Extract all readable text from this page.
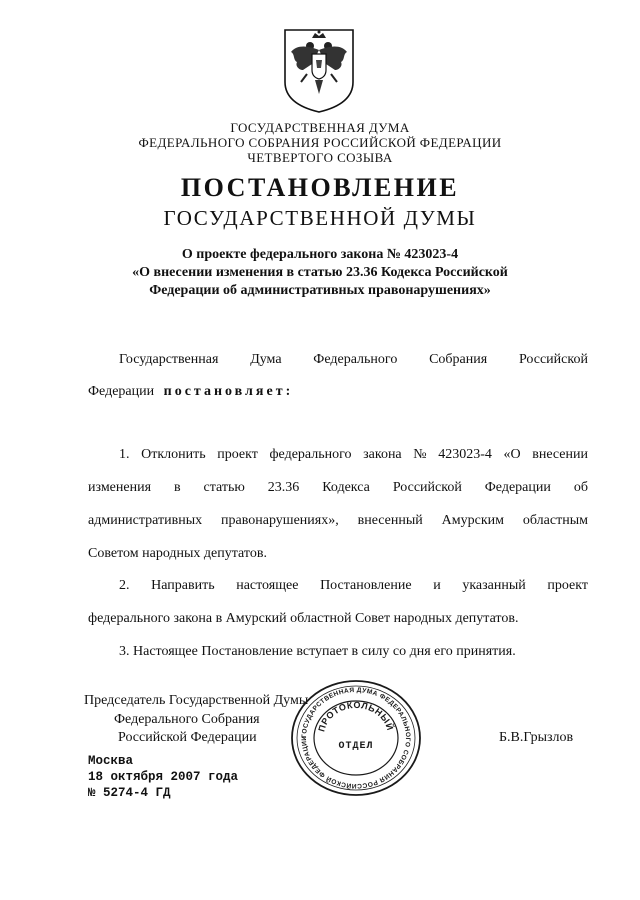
ГОСУДАРСТВЕННАЯ ДУМА
ФЕДЕРАЛЬНОГО СОБРАНИЯ РОССИЙСКОЙ ФЕДЕРАЦИИ
ЧЕТВЕРТОГО СОЗЫВА
ПОСТАНОВЛЕНИЕ
ГОСУДАРСТВЕННОЙ ДУМЫ
О проекте федерального закона № 423023-4
«О внесении изменения в статью 23.36 Кодекса Российской
Федерации об административных правонарушениях»
Государственная Дума Федерального Собрания Российской
Федерации постановляет:
1. Отклонить проект федерального закона № 423023-4 «О внесении
изменения в статью 23.36 Кодекса Российской Федерации об
административных правонарушениях», внесенный Амурским областным
Советом народных депутатов.
2. Направить настоящее Постановление и указанный проект
федерального закона в Амурский областной Совет народных депутатов.
3. Настоящее Постановление вступает в силу со дня его принятия.
Председатель Государственной Думы
Федерального Собрания
Российской Федерации	Б.В.Грызлов
Москва
18 октября 2007 года
№ 5274-4 ГД
ГОСУДАРСТВЕННАЯ ДУМА ФЕДЕРАЛЬНОГО СОБРАНИЯ РОССИЙСКОЙ ФЕДЕРАЦИИ
ПРОТОКОЛЬНЫЙ
ОТДЕЛ
